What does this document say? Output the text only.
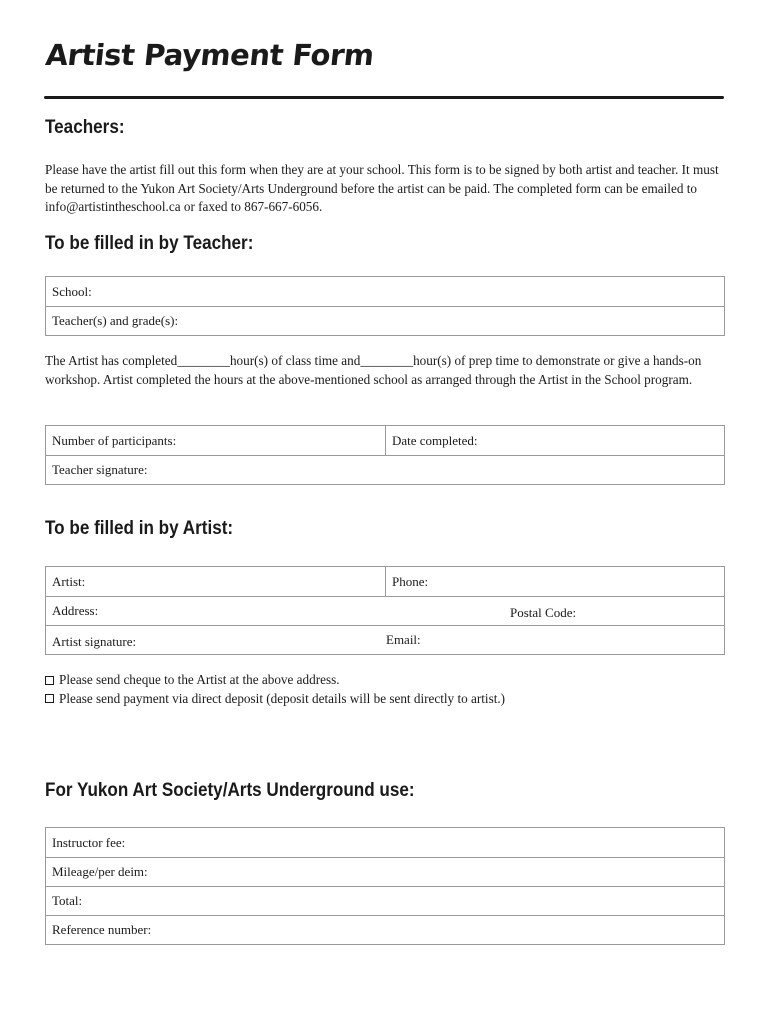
Artist Payment Form
Teachers:

Please have the artist fill out this form when they are at your school. This form is to be signed by both artist and teacher. It must be returned to the Yukon Art Society/Arts Underground before the artist can be paid. The completed form can be emailed to info@artistintheschool.ca or faxed to 867-667-6056.

To be filled in by Teacher:
School:
Teacher(s) and grade(s):

The Artist has completed________hour(s) of class time and________hour(s) of prep time to demonstrate or give a hands-on workshop. Artist completed the hours at the above-mentioned school as arranged through the Artist in the School program.

Number of participants:	Date completed:
Teacher signature:
To be filled in by Artist:
Artist:	Phone:
Address:	Postal Code:
Artist signature:	Email:
Please send cheque to the Artist at the above address.
Please send payment via direct deposit (deposit details will be sent directly to artist.)
For Yukon Art Society/Arts Underground use:
Instructor fee:
Mileage/per deim:
Total:
Reference number:
